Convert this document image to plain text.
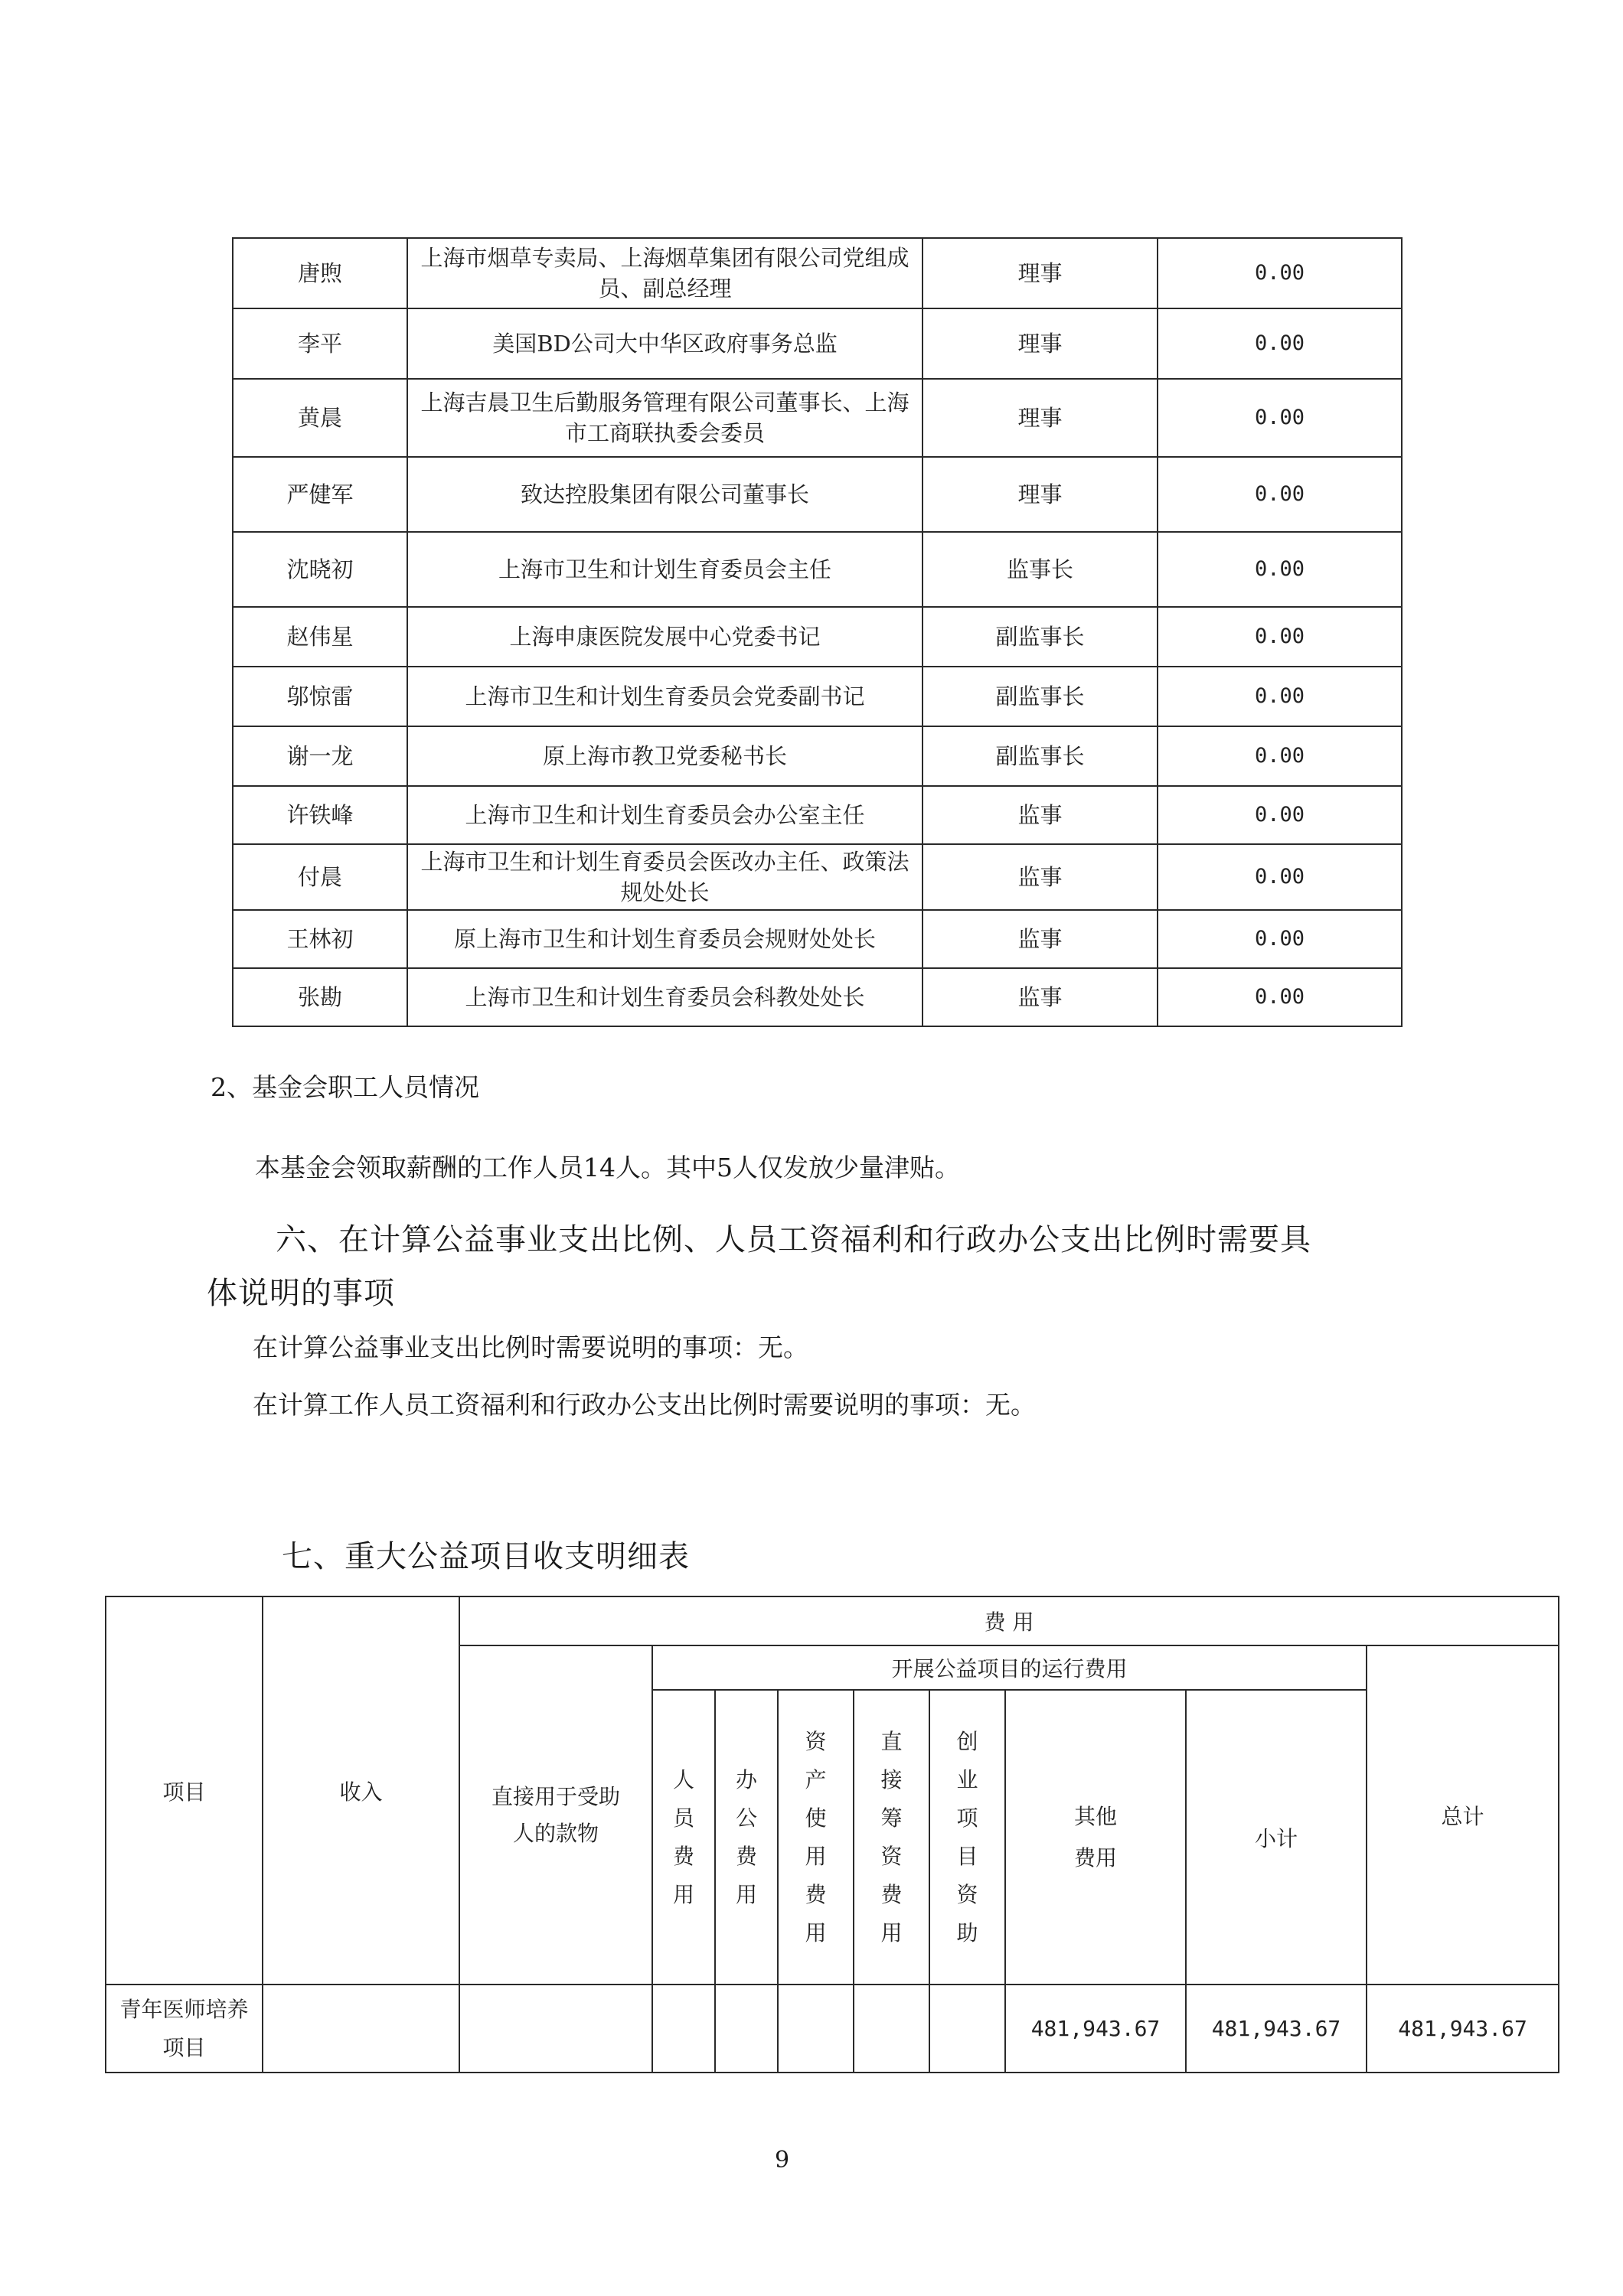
唐煦	上海市烟草专卖局、上海烟草集团有限公司党组成员、副总经理	理事	0.00
李平	美国BD公司大中华区政府事务总监	理事	0.00
黄晨	上海吉晨卫生后勤服务管理有限公司董事长、上海市工商联执委会委员	理事	0.00
严健军	致达控股集团有限公司董事长	理事	0.00
沈晓初	上海市卫生和计划生育委员会主任	监事长	0.00
赵伟星	上海申康医院发展中心党委书记	副监事长	0.00
邬惊雷	上海市卫生和计划生育委员会党委副书记	副监事长	0.00
谢一龙	原上海市教卫党委秘书长	副监事长	0.00
许铁峰	上海市卫生和计划生育委员会办公室主任	监事	0.00
付晨	上海市卫生和计划生育委员会医改办主任、政策法规处处长	监事	0.00
王林初	原上海市卫生和计划生育委员会规财处处长	监事	0.00
张勘	上海市卫生和计划生育委员会科教处处长	监事	0.00
2、基金会职工人员情况
本基金会领取薪酬的工作人员14人。其中5人仅发放少量津贴。
六、在计算公益事业支出比例、人员工资福利和行政办公支出比例时需要具
体说明的事项
在计算公益事业支出比例时需要说明的事项：无。
在计算工作人员工资福利和行政办公支出比例时需要说明的事项：无。
七、重大公益项目收支明细表
项目	收入	费 用								
		直接用于受助人的款物	开展公益项目的运行费用							总计
			人员费用	办公费用	资产使用费用	直接筹资费用	创业项目资助	其他费用	小计	
青年医师培养项目								481,943.67	481,943.67	481,943.67
9
